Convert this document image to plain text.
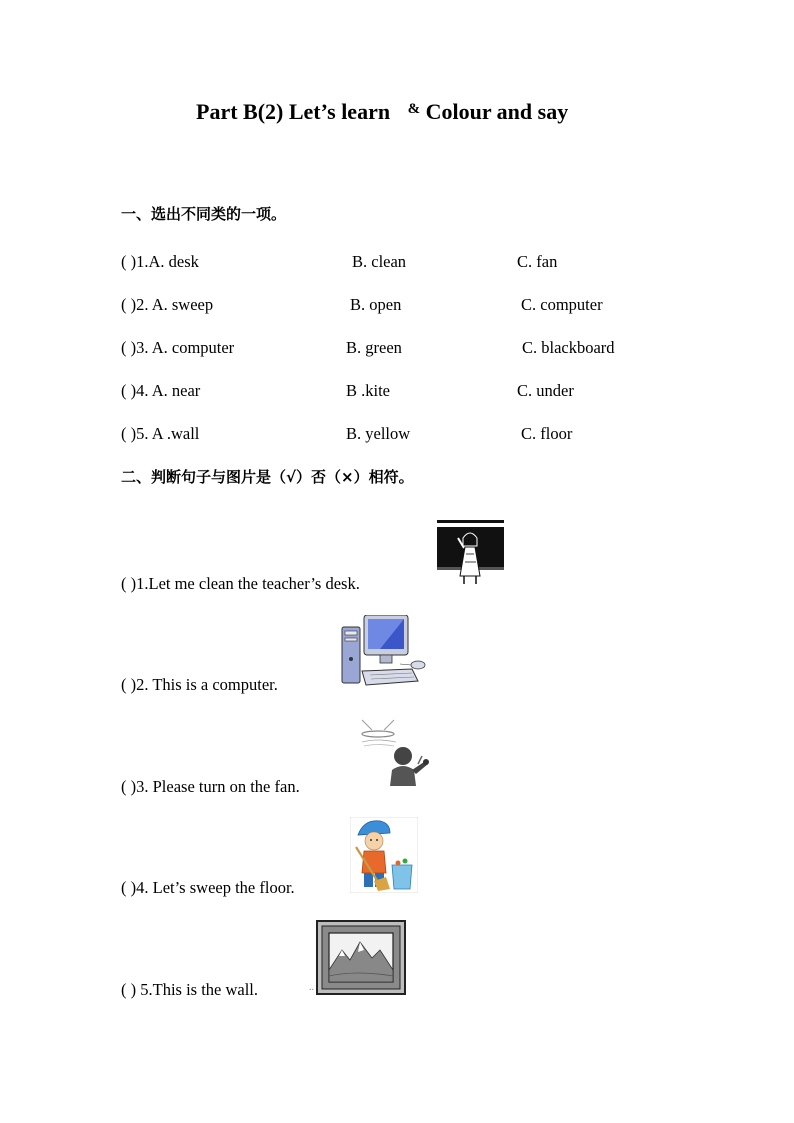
Part B(2) Let’s learn & Colour and say
一、选出不同类的一项。
( )1.A. desk	B. clean	C. fan
( )2. A. sweep	B. open	C. computer
( )3. A. computer	B. green	C. blackboard
( )4. A. near	B .kite	C. under
( )5. A .wall	B. yellow	C. floor
二、判断句子与图片是（√）否（×）相符。
( )1.Let me clean the teacher’s desk.
( )2. This is a computer.
( )3. Please turn on the fan.
( )4. Let’s sweep the floor.
( ) 5.This is the wall.	..
